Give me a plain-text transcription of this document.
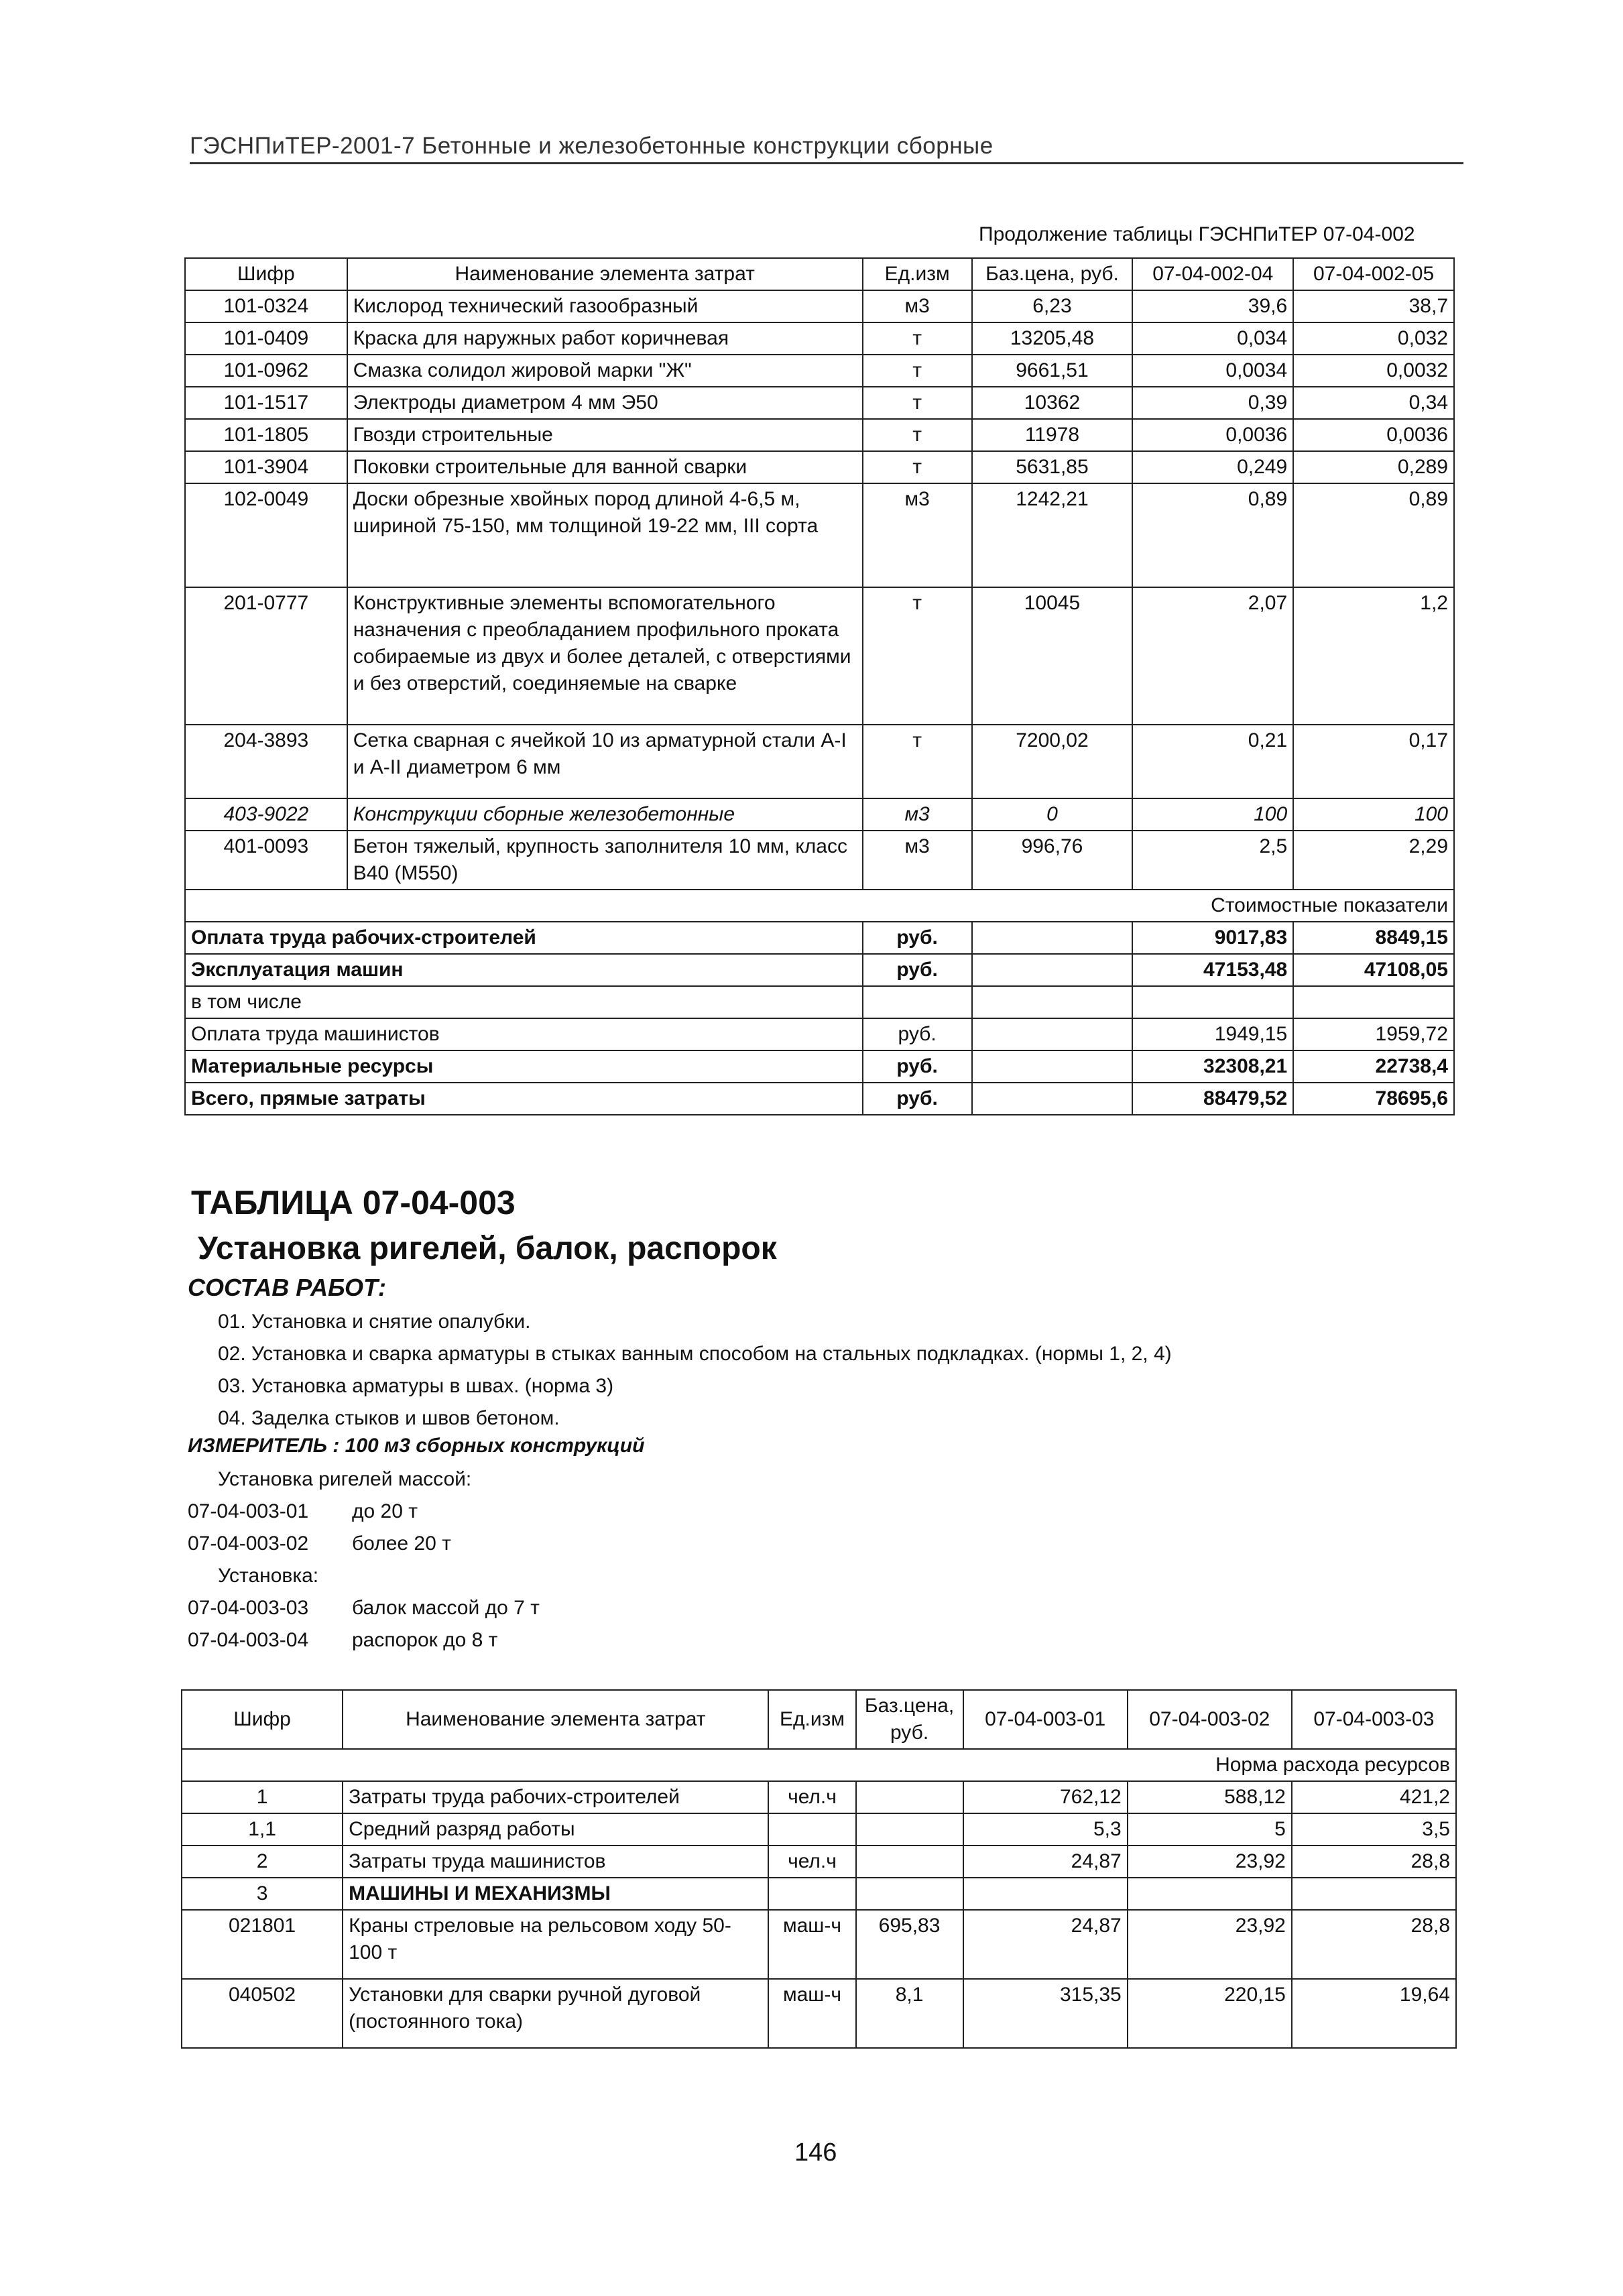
ГЭСНПиТЕР-2001-7 Бетонные и железобетонные конструкции сборные
Продолжение таблицы ГЭСНПиТЕР 07-04-002
Шифр	Наименование элемента затрат	Ед.изм	Баз.цена, руб.	07-04-002-04	07-04-002-05
101-0324	Кислород технический газообразный	м3	6,23	39,6	38,7
101-0409	Краска для наружных работ коричневая	т	13205,48	0,034	0,032
101-0962	Смазка солидол жировой марки "Ж"	т	9661,51	0,0034	0,0032
101-1517	Электроды диаметром 4 мм Э50	т	10362	0,39	0,34
101-1805	Гвозди строительные	т	11978	0,0036	0,0036
101-3904	Поковки строительные для ванной сварки	т	5631,85	0,249	0,289
102-0049	Доски обрезные хвойных пород длиной 4-6,5 м, шириной 75-150, мм толщиной 19-22 мм, III сорта	м3	1242,21	0,89	0,89
201-0777	Конструктивные элементы вспомогательного назначения с преобладанием профильного проката собираемые из двух и более деталей, с отверстиями и без отверстий, соединяемые на сварке	т	10045	2,07	1,2
204-3893	Сетка сварная с ячейкой 10 из арматурной стали А-I и А-II диаметром 6 мм	т	7200,02	0,21	0,17
403-9022	Конструкции сборные железобетонные	м3	0	100	100
401-0093	Бетон тяжелый, крупность заполнителя 10 мм, класс В40 (М550)	м3	996,76	2,5	2,29
Стоимостные показатели					
Оплата труда рабочих-строителей		руб.		9017,83	8849,15
Эксплуатация машин		руб.		47153,48	47108,05
в том числе					
Оплата труда машинистов		руб.		1949,15	1959,72
Материальные ресурсы		руб.		32308,21	22738,4
Всего, прямые затраты		руб.		88479,52	78695,6
ТАБЛИЦА 07-04-003
Установка ригелей, балок, распорок
СОСТАВ РАБОТ:
01. Установка и снятие опалубки.
02. Установка и сварка арматуры в стыках ванным способом на стальных подкладках. (нормы 1, 2, 4)
03. Установка арматуры в швах. (норма 3)
04. Заделка стыков и швов бетоном.
ИЗМЕРИТЕЛЬ : 100 м3 сборных конструкций
Установка ригелей массой:
07-04-003-01 до 20 т
07-04-003-02 более 20 т
Установка:
07-04-003-03 балок массой до 7 т
07-04-003-04 распорок до 8 т
Шифр	Наименование элемента затрат	Ед.изм	Баз.цена, руб.	07-04-003-01	07-04-003-02	07-04-003-03
Норма расхода ресурсов						
1	Затраты труда рабочих-строителей	чел.ч		762,12	588,12	421,2
1,1	Средний разряд работы			5,3	5	3,5
2	Затраты труда машинистов	чел.ч		24,87	23,92	28,8
3	МАШИНЫ И МЕХАНИЗМЫ					
021801	Краны стреловые на рельсовом ходу 50-100 т	маш-ч	695,83	24,87	23,92	28,8
040502	Установки для сварки ручной дуговой (постоянного тока)	маш-ч	8,1	315,35	220,15	19,64
146
